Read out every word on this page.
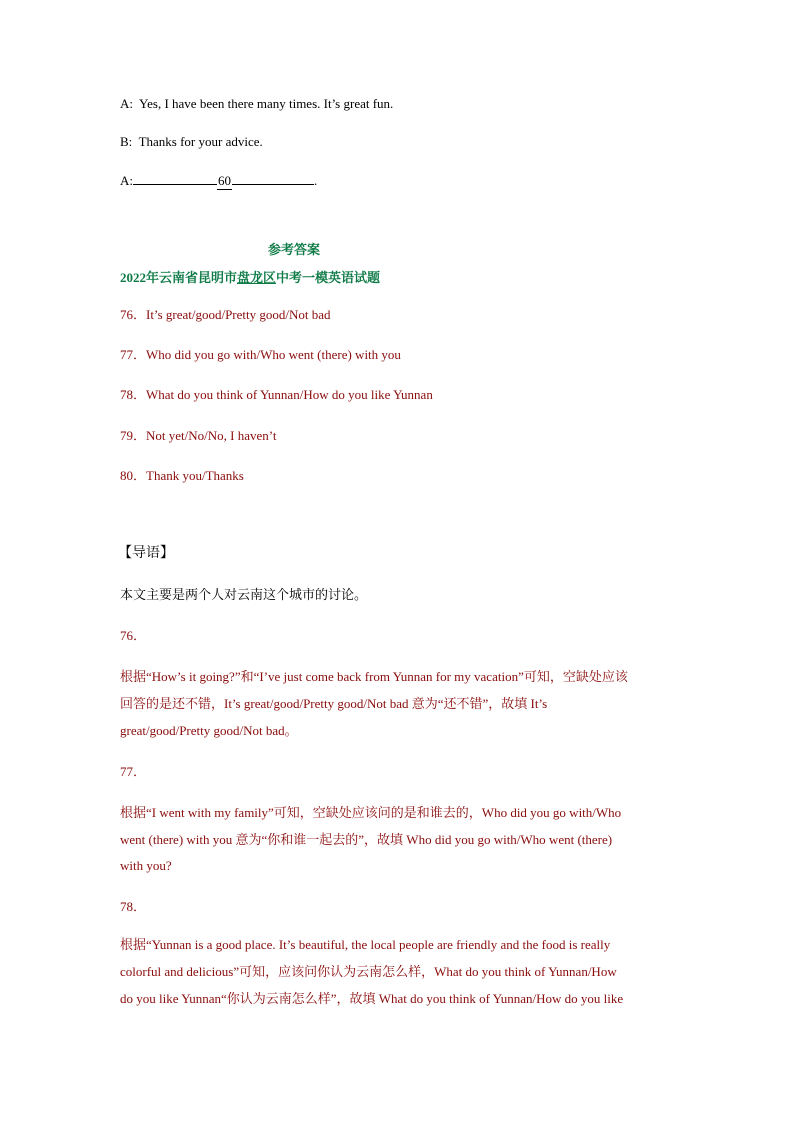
A: Yes, I have been there many times. It’s great fun.
B: Thanks for your advice.
A:	60	.
参考答案
2022年云南省昆明市盘龙区中考一模英语试题
76．It’s great/good/Pretty good/Not bad
77．Who did you go with/Who went (there) with you
78．What do you think of Yunnan/How do you like Yunnan
79．Not yet/No/No, I haven’t
80．Thank you/Thanks
【导语】
本文主要是两个人对云南这个城市的讨论。
76．
根据“How’s it going?”和“I’ve just come back from Yunnan for my vacation”可知，空缺处应该
回答的是还不错，It’s great/good/Pretty good/Not bad 意为“还不错”，故填 It’s
great/good/Pretty good/Not bad。
77．
根据“I went with my family”可知，空缺处应该问的是和谁去的，Who did you go with/Who
went (there) with you 意为“你和谁一起去的”，故填 Who did you go with/Who went (there)
with you?
78．
根据“Yunnan is a good place. It’s beautiful, the local people are friendly and the food is really
colorful and delicious”可知，应该问你认为云南怎么样，What do you think of Yunnan/How
do you like Yunnan“你认为云南怎么样”，故填 What do you think of Yunnan/How do you like
